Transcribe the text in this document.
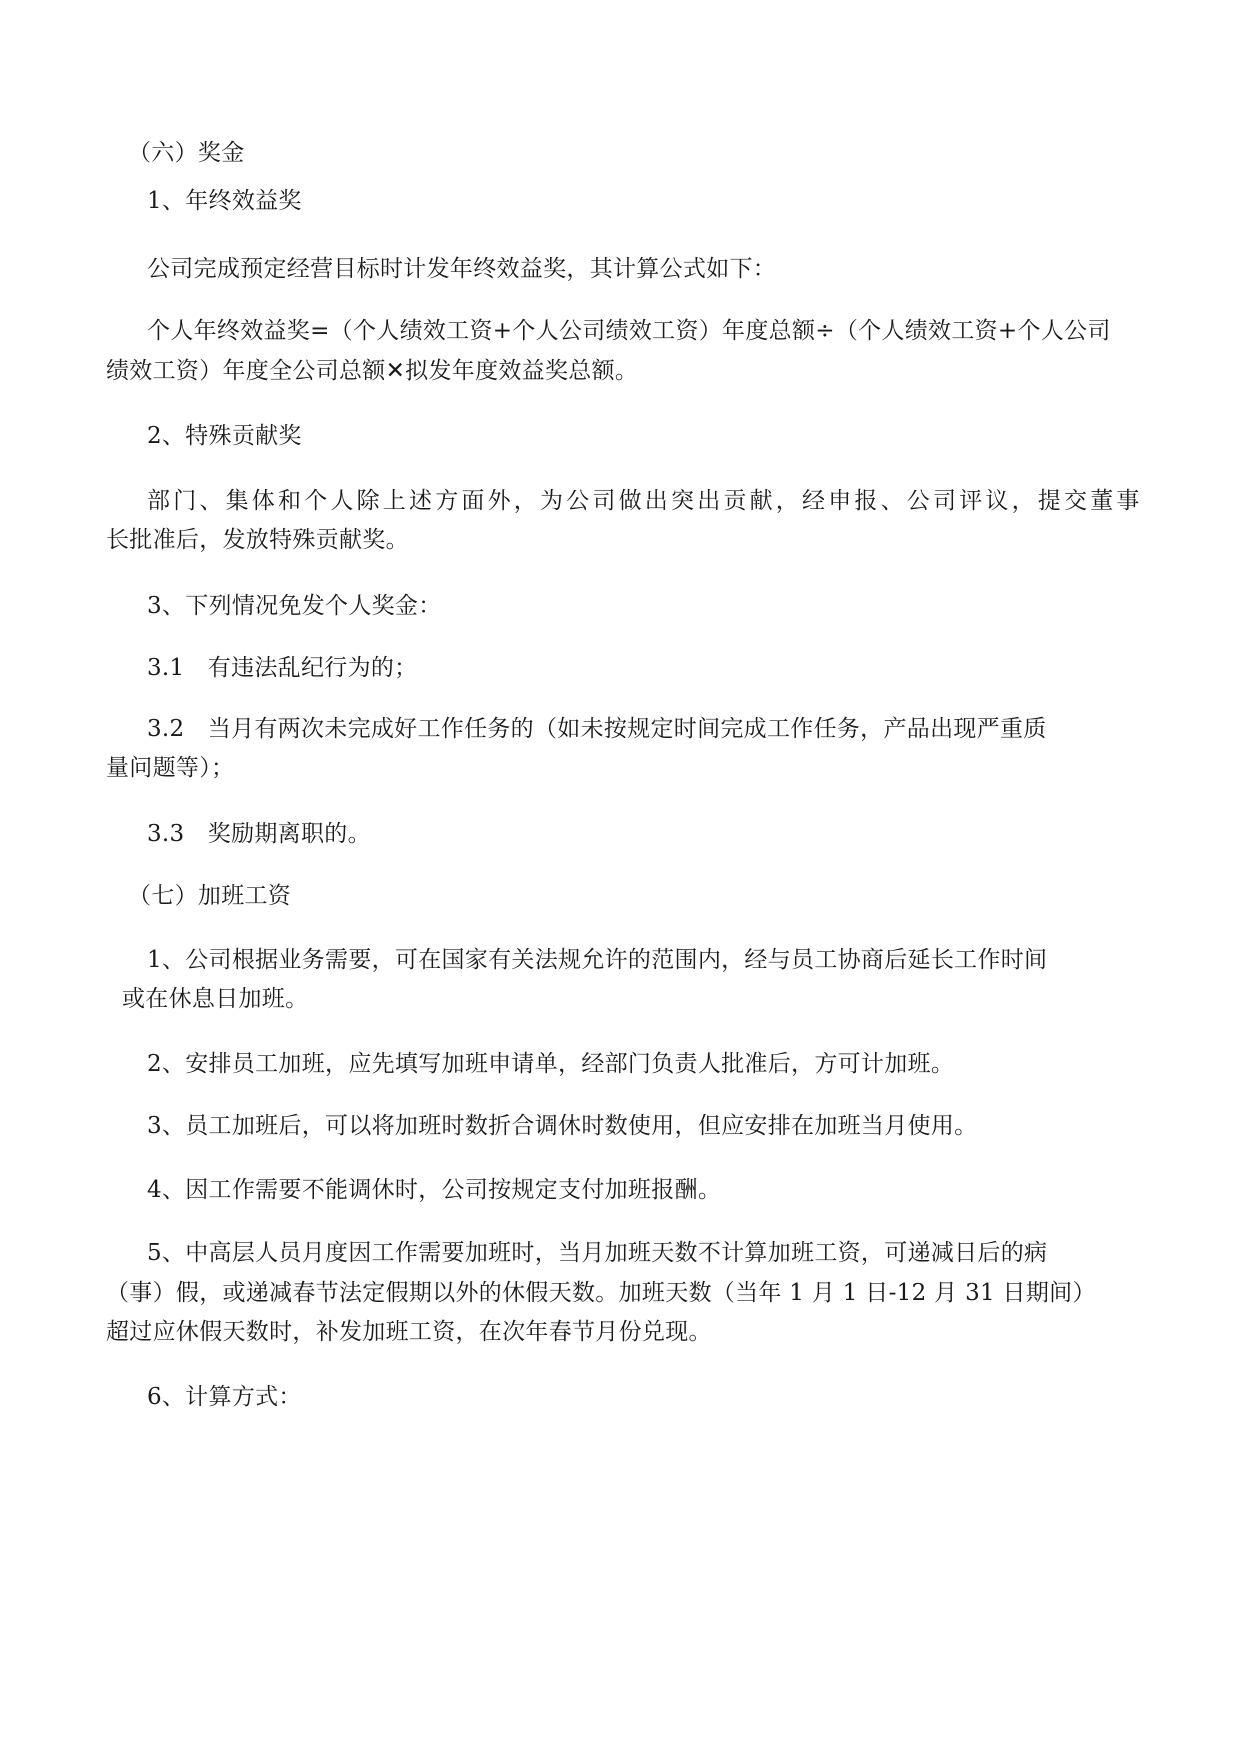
（六）奖金
1、年终效益奖
公司完成预定经营目标时计发年终效益奖，其计算公式如下：
个人年终效益奖=（个人绩效工资+个人公司绩效工资）年度总额÷（个人绩效工资+个人公司
绩效工资）年度全公司总额✕拟发年度效益奖总额。
2、特殊贡献奖
部门、集体和个人除上述方面外，为公司做出突出贡献，经申报、公司评议，提交董事
长批准后，发放特殊贡献奖。
3、下列情况免发个人奖金：
3.1　有违法乱纪行为的；
3.2　当月有两次未完成好工作任务的（如未按规定时间完成工作任务，产品出现严重质
量问题等）；
3.3　奖励期离职的。
（七）加班工资
1、公司根据业务需要，可在国家有关法规允许的范围内，经与员工协商后延长工作时间
或在休息日加班。
2、安排员工加班，应先填写加班申请单，经部门负责人批准后，方可计加班。
3、员工加班后，可以将加班时数折合调休时数使用，但应安排在加班当月使用。
4、因工作需要不能调休时，公司按规定支付加班报酬。
5、中高层人员月度因工作需要加班时，当月加班天数不计算加班工资，可递减日后的病
（事）假，或递减春节法定假期以外的休假天数。加班天数（当年 1 月 1 日-12 月 31 日期间）
超过应休假天数时，补发加班工资，在次年春节月份兑现。
6、计算方式：
